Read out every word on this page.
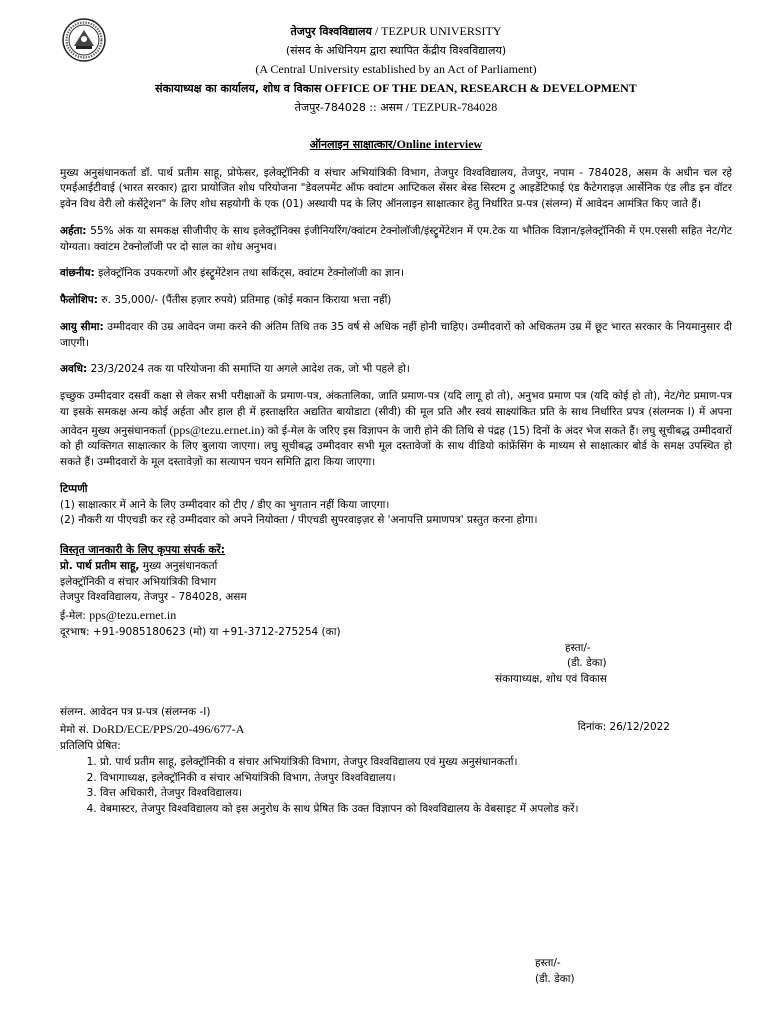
तेजपुर विश्वविद्यालय / TEZPUR UNIVERSITY
(संसद के अधिनियम द्वारा स्थापित केंद्रीय विश्वविद्यालय)
(A Central University established by an Act of Parliament)
संकायाध्यक्ष का कार्यालय, शोध व विकास OFFICE OF THE DEAN, RESEARCH & DEVELOPMENT
तेजपुर-784028 :: असम / TEZPUR-784028
ऑनलाइन साक्षात्कार/Online interview

मुख्य अनुसंधानकर्ता डॉ. पार्थ प्रतीम साहू, प्रोफेसर, इलेक्ट्रॉनिकी व संचार अभियांत्रिकी विभाग, तेजपुर विश्वविद्यालय, तेजपुर, नपाम - 784028, असम के अधीन चल रहे एमईआईटीवाई (भारत सरकार) द्वारा प्रायोजित शोध परियोजना "डेवलपमेंट ऑफ क्वांटम आप्टिकल सेंसर बेस्ड सिस्टम टु आइडेंटिफाई एंड कैटेगराइज़ आर्सेनिक एंड लीड इन वॉटर इवेन विथ वेरी लो कंसेंट्रेशन" के लिए शोध सहयोगी के एक (01) अस्थायी पद के लिए ऑनलाइन साक्षात्कार हेतु निर्धारित प्र-पत्र (संलग्न) में आवेदन आमंत्रित किए जाते हैं।

अर्हता: 55% अंक या समकक्ष सीजीपीए के साथ इलेक्ट्रॉनिक्स इंजीनियरिंग/क्वांटम टेक्नोलॉजी/इंस्ट्रूमेंटेशन में एम.टेक या भौतिक विज्ञान/इलेक्ट्रॉनिकी में एम.एससी सहित नेट/गेट योग्यता। क्वांटम टेक्नोलॉजी पर दो साल का शोध अनुभव।

वांछनीय: इलेक्ट्रॉनिक उपकरणों और इंस्ट्रूमेंटेशन तथा सर्किट्स, क्वांटम टेक्नोलॉजी का ज्ञान।

फैलोशिप: रु. 35,000/- (पैंतीस हज़ार रुपये) प्रतिमाह (कोई मकान किराया भत्ता नहीं)

आयु सीमा: उम्मीदवार की उम्र आवेदन जमा करने की अंतिम तिथि तक 35 वर्ष से अधिक नहीं होनी चाहिए। उम्मीदवारों को अधिकतम उम्र में छूट भारत सरकार के नियमानुसार दी जाएगी।

अवधि: 23/3/2024 तक या परियोजना की समाप्ति या अगले आदेश तक, जो भी पहले हो।

इच्छुक उम्मीदवार दसवीं कक्षा से लेकर सभी परीक्षाओं के प्रमाण-पत्र, अंकतालिका, जाति प्रमाण-पत्र (यदि लागू हो तो), अनुभव प्रमाण पत्र (यदि कोई हो तो), नेट/गेट प्रमाण-पत्र या इसके समकक्ष अन्य कोई अर्हता और हाल ही में हस्ताक्षरित अद्यतित बायोडाटा (सीवी) की मूल प्रति और स्वयं साक्ष्यांकित प्रति के साथ निर्धारित प्रपत्र (संलग्नक I) में अपना आवेदन मुख्य अनुसंधानकर्ता (pps@tezu.ernet.in) को ई-मेल के जरिए इस विज्ञापन के जारी होने की तिथि से पंद्रह (15) दिनों के अंदर भेज सकते हैं। लघु सूचीबद्ध उम्मीदवारों को ही व्यक्तिगत साक्षात्कार के लिए बुलाया जाएगा। लघु सूचीबद्ध उम्मीदवार सभी मूल दस्तावेजों के साथ वीडियो कांफ्रेंसिंग के माध्यम से साक्षात्कार बोर्ड के समक्ष उपस्थित हो सकते हैं। उम्मीदवारों के मूल दस्तावेज़ों का सत्यापन चयन समिति द्वारा किया जाएगा।

टिप्पणी
(1) साक्षात्कार में आने के लिए उम्मीदवार को टीए / डीए का भुगतान नहीं किया जाएगा।
(2) नौकरी या पीएचडी कर रहे उम्मीदवार को अपने नियोक्ता / पीएचडी सुपरवाइज़र से 'अनापत्ति प्रमाणपत्र' प्रस्तुत करना होगा।
विस्तृत जानकारी के लिए कृपया संपर्क करें:
प्रो. पार्थ प्रतीम साहू, मुख्य अनुसंधानकर्ता
इलेक्ट्रॉनिकी व संचार अभियांत्रिकी विभाग
तेजपुर विश्वविद्यालय, तेजपुर - 784028, असम
ई-मेल: pps@tezu.ernet.in
दूरभाष: +91-9085180623 (मो) या +91-3712-275254 (का)
हस्ता/-
(डी. डेका)
संकायाध्यक्ष, शोध एवं विकास
संलग्न. आवेदन पत्र प्र-पत्र (संलग्नक -I)
मेमो सं. DoRD/ECE/PPS/20-496/677-A	दिनांक: 26/12/2022
प्रतिलिपि प्रेषित:
1. प्रो. पार्थ प्रतीम साहू, इलेक्ट्रॉनिकी व संचार अभियांत्रिकी विभाग, तेजपुर विश्वविद्यालय एवं मुख्य अनुसंधानकर्ता।
2. विभागाध्यक्ष, इलेक्ट्रॉनिकी व संचार अभियांत्रिकी विभाग, तेजपुर विश्वविद्यालय।
3. वित्त अधिकारी, तेजपुर विश्वविद्यालय।
4. वेबमास्टर, तेजपुर विश्वविद्यालय को इस अनुरोध के साथ प्रेषित कि उक्त विज्ञापन को विश्वविद्यालय के वेबसाइट में अपलोड करें।
हस्ता/-
(डी. डेका)
